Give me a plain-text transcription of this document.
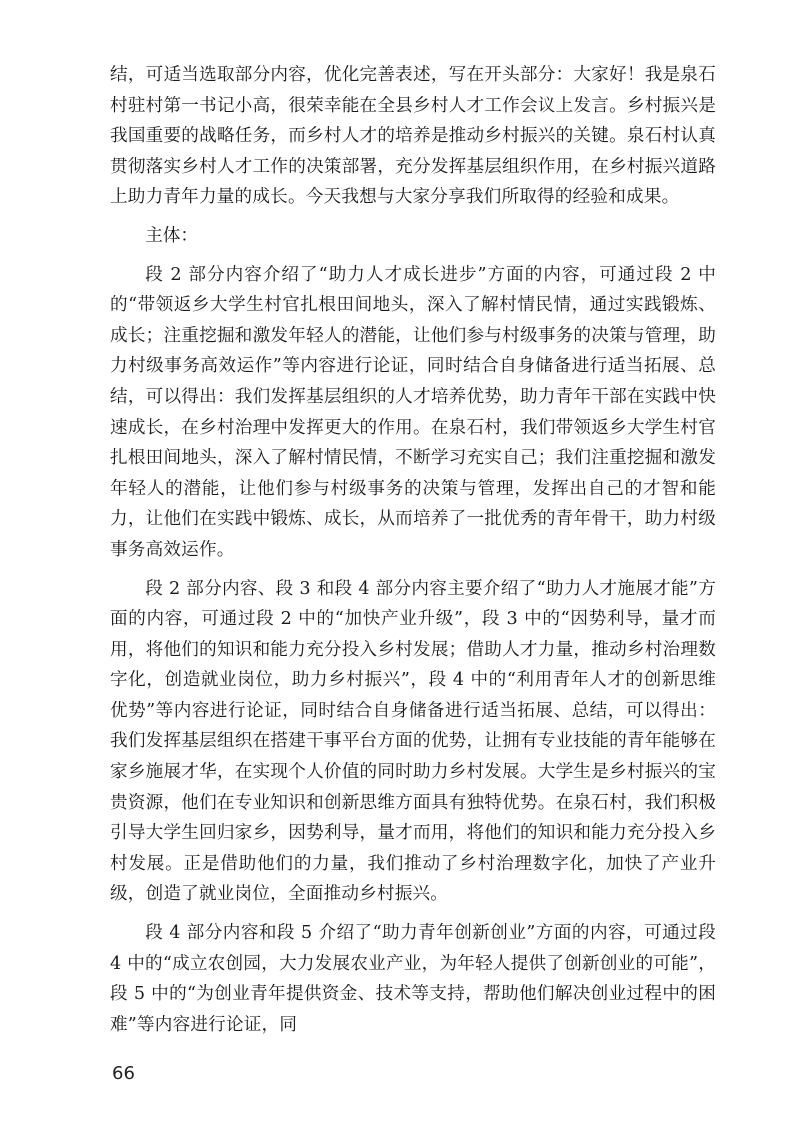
结，可适当选取部分内容，优化完善表述，写在开头部分：大家好！我是泉石村驻村第一书记小高，很荣幸能在全县乡村人才工作会议上发言。乡村振兴是我国重要的战略任务，而乡村人才的培养是推动乡村振兴的关键。泉石村认真贯彻落实乡村人才工作的决策部署，充分发挥基层组织作用，在乡村振兴道路上助力青年力量的成长。今天我想与大家分享我们所取得的经验和成果。

主体：

段 2 部分内容介绍了“助力人才成长进步”方面的内容，可通过段 2 中的“带领返乡大学生村官扎根田间地头，深入了解村情民情，通过实践锻炼、成长；注重挖掘和激发年轻人的潜能，让他们参与村级事务的决策与管理，助力村级事务高效运作”等内容进行论证，同时结合自身储备进行适当拓展、总结，可以得出：我们发挥基层组织的人才培养优势，助力青年干部在实践中快速成长，在乡村治理中发挥更大的作用。在泉石村，我们带领返乡大学生村官扎根田间地头，深入了解村情民情，不断学习充实自己；我们注重挖掘和激发年轻人的潜能，让他们参与村级事务的决策与管理，发挥出自己的才智和能力，让他们在实践中锻炼、成长，从而培养了一批优秀的青年骨干，助力村级事务高效运作。

段 2 部分内容、段 3 和段 4 部分内容主要介绍了“助力人才施展才能”方面的内容，可通过段 2 中的“加快产业升级”，段 3 中的“因势利导，量才而用，将他们的知识和能力充分投入乡村发展；借助人才力量，推动乡村治理数字化，创造就业岗位，助力乡村振兴”，段 4 中的“利用青年人才的创新思维优势”等内容进行论证，同时结合自身储备进行适当拓展、总结，可以得出：我们发挥基层组织在搭建干事平台方面的优势，让拥有专业技能的青年能够在家乡施展才华，在实现个人价值的同时助力乡村发展。大学生是乡村振兴的宝贵资源，他们在专业知识和创新思维方面具有独特优势。在泉石村，我们积极引导大学生回归家乡，因势利导，量才而用，将他们的知识和能力充分投入乡村发展。正是借助他们的力量，我们推动了乡村治理数字化，加快了产业升级，创造了就业岗位，全面推动乡村振兴。

段 4 部分内容和段 5 介绍了“助力青年创新创业”方面的内容，可通过段 4 中的“成立农创园，大力发展农业产业，为年轻人提供了创新创业的可能”，段 5 中的“为创业青年提供资金、技术等支持，帮助他们解决创业过程中的困难”等内容进行论证，同

66
